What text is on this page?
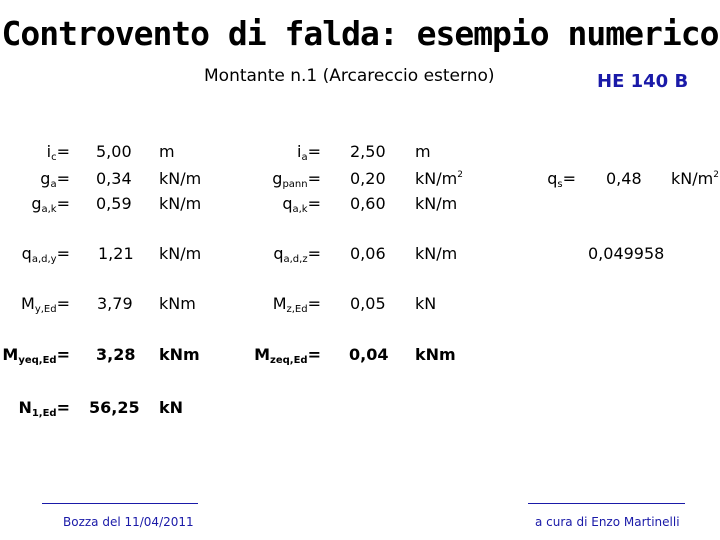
Controvento di falda: esempio numerico
Montante n.1 (Arcareccio esterno)	HE 140 B
$i_c= 5,00$ m
$g_a= 0,34$ kN/m
$g_{a,k}= 0,59$ kN/m
$q_{a,d,y}= 1,21$ kN/m
$M_{y,Ed}= 3,79$ kNm
$M_{yeq,Ed}= 3,28$ kNm
$N_{1,Ed}= 56,25$ kN
$i_a= 2,50$ m
$g_{pann}= 0,20$ $kN/m^2$
$q_{a,k}= 0,60$ kN/m
$q_{a,d,z}= 0,06$ kN/m
$M_{z,Ed}= 0,05$ kN
$M_{zeq,Ed}= 0,04$ kNm
$q_s= 0,48$ $kN/m^2$
0,049958
Bozza del 11/04/2011	a cura di Enzo Martinelli
